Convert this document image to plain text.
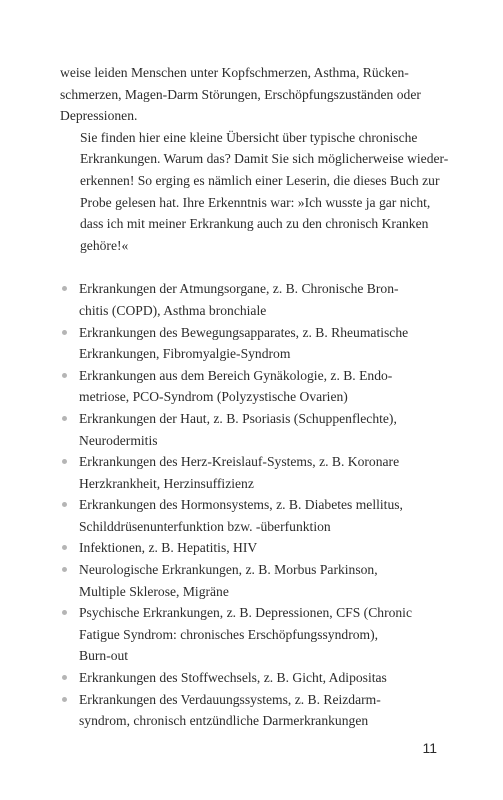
weise leiden Menschen unter Kopfschmerzen, Asthma, Rücken-
schmerzen, Magen-Darm Störungen, Erschöpfungszuständen oder
Depressionen.

Sie finden hier eine kleine Übersicht über typische chronische
Erkrankungen. Warum das? Damit Sie sich möglicherweise wieder-
erkennen! So erging es nämlich einer Leserin, die dieses Buch zur
Probe gelesen hat. Ihre Erkenntnis war: »Ich wusste ja gar nicht,
dass ich mit meiner Erkrankung auch zu den chronisch Kranken
gehöre!«

Erkrankungen der Atmungsorgane, z. B. Chronische Bron-
chitis (COPD), Asthma bronchiale
Erkrankungen des Bewegungsapparates, z. B. Rheumatische
Erkrankungen, Fibromyalgie-Syndrom
Erkrankungen aus dem Bereich Gynäkologie, z. B. Endo-
metriose, PCO-Syndrom (Polyzystische Ovarien)
Erkrankungen der Haut, z. B. Psoriasis (Schuppenflechte),
Neurodermitis
Erkrankungen des Herz-Kreislauf-Systems, z. B. Koronare
Herzkrankheit, Herzinsuffizienz
Erkrankungen des Hormonsystems, z. B. Diabetes mellitus,
Schilddrüsenunterfunktion bzw. -überfunktion
Infektionen, z. B. Hepatitis, HIV
Neurologische Erkrankungen, z. B. Morbus Parkinson,
Multiple Sklerose, Migräne
Psychische Erkrankungen, z. B. Depressionen, CFS (Chronic
Fatigue Syndrom: chronisches Erschöpfungssyndrom),
Burn-out
Erkrankungen des Stoffwechsels, z. B. Gicht, Adipositas
Erkrankungen des Verdauungssystems, z. B. Reizdarm-
syndrom, chronisch entzündliche Darmerkrankungen
11
